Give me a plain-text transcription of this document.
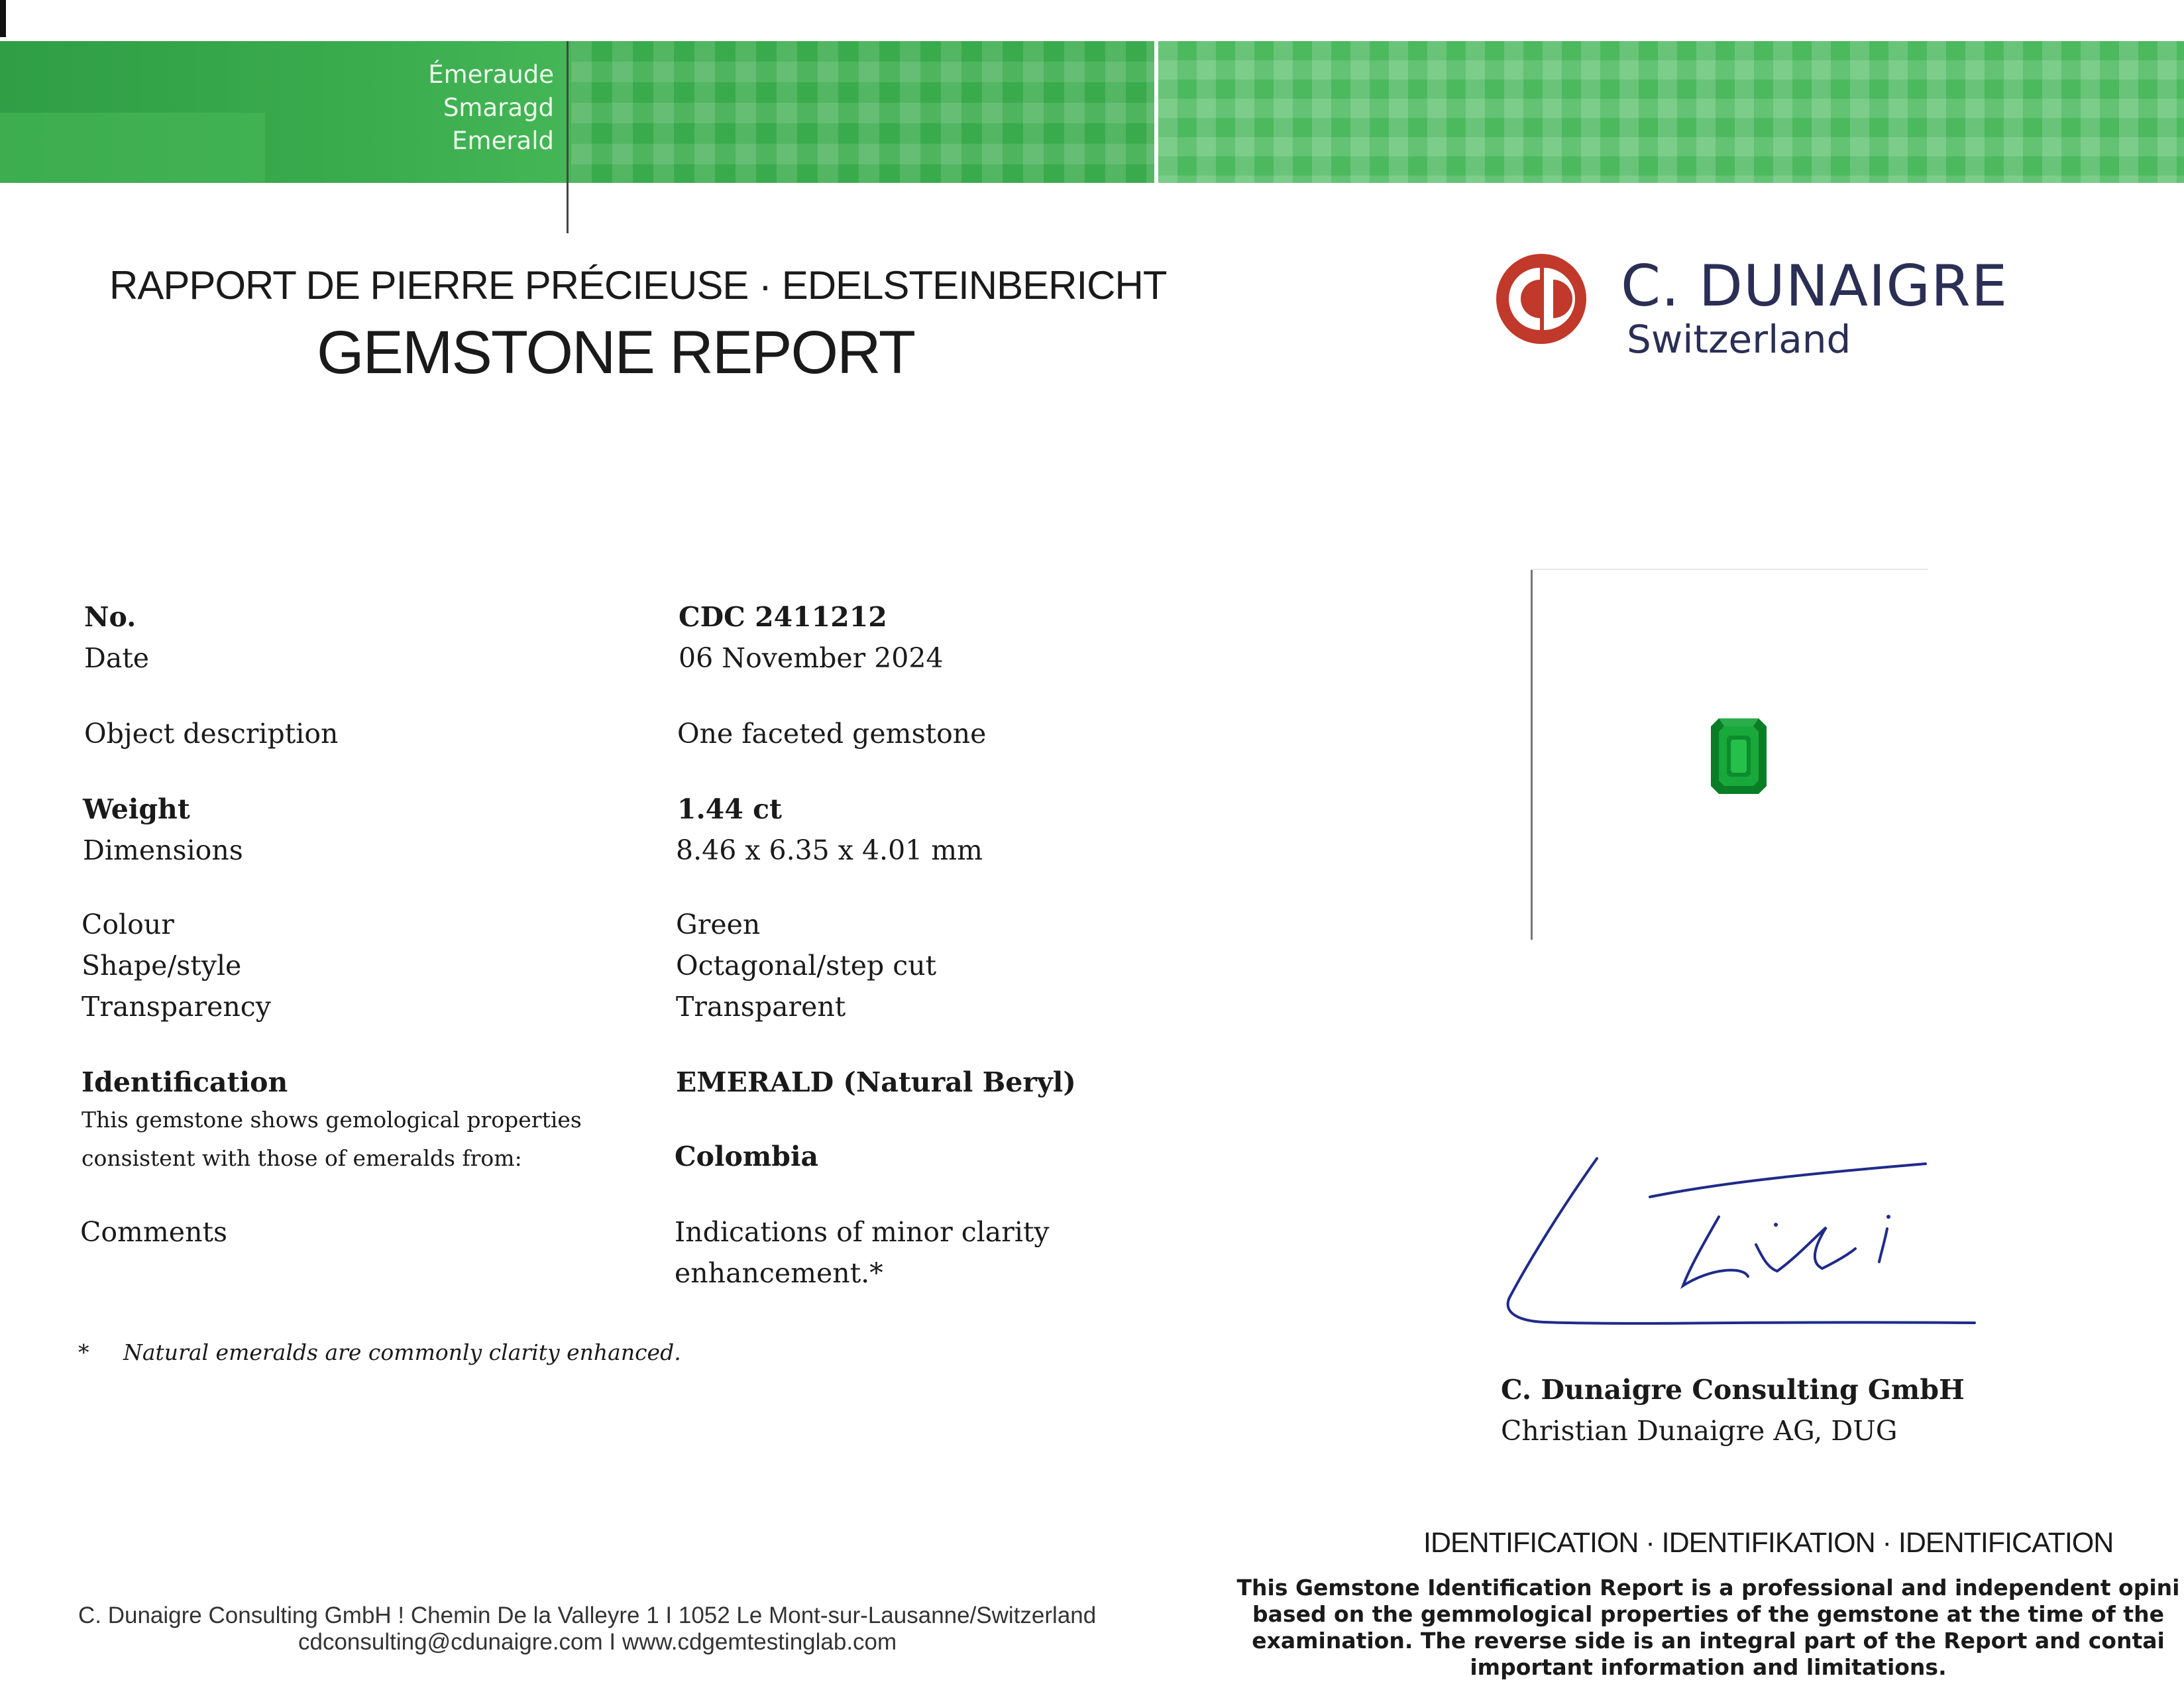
Émeraude
Smaragd
Emerald
RAPPORT DE PIERRE PRÉCIEUSE · EDELSTEINBERICHT
GEMSTONE REPORT
C. DUNAIGRE
Switzerland
No.
Date
Object description
Weight
Dimensions
Colour
Shape/style
Transparency
Identification
This gemstone shows gemological properties
consistent with those of emeralds from:
Comments
CDC 2411212
06 November 2024
One faceted gemstone
1.44 ct
8.46 x 6.35 x 4.01 mm
Green
Octagonal/step cut
Transparent
EMERALD (Natural Beryl)
Colombia
Indications of minor clarity
enhancement.*
* Natural emeralds are commonly clarity enhanced.
C. Dunaigre Consulting GmbH
Christian Dunaigre AG, DUG
C. Dunaigre Consulting GmbH ! Chemin De la Valleyre 1 I 1052 Le Mont-sur-Lausanne/Switzerland
cdconsulting@cdunaigre.com I www.cdgemtestinglab.com
IDENTIFICATION · IDENTIFIKATION · IDENTIFICATION
This Gemstone Identification Report is a professional and independent opini
based on the gemmological properties of the gemstone at the time of the
examination. The reverse side is an integral part of the Report and contai
important information and limitations.
